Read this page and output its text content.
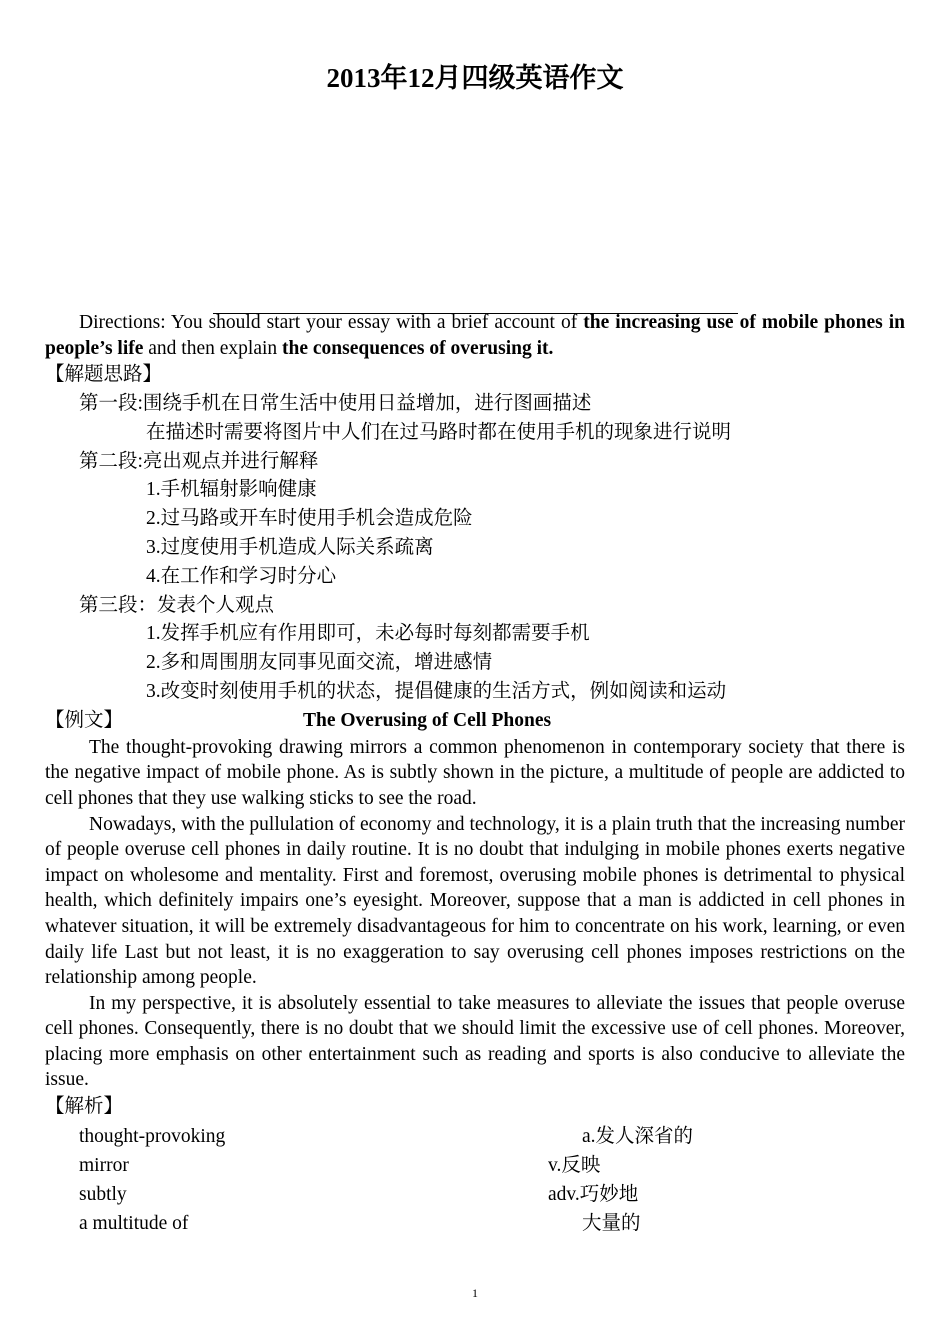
2013年12月四级英语作文

Directions: You should start your essay with a brief account of the increasing use of mobile phones in people’s life and then explain the consequences of overusing it.

【解题思路】

第一段:围绕手机在日常生活中使用日益增加，进行图画描述

在描述时需要将图片中人们在过马路时都在使用手机的现象进行说明

第二段:亮出观点并进行解释

1.手机辐射影响健康

2.过马路或开车时使用手机会造成危险

3.过度使用手机造成人际关系疏离

4.在工作和学习时分心

第三段：发表个人观点

1.发挥手机应有作用即可，未必每时每刻都需要手机

2.多和周围朋友同事见面交流，增进感情

3.改变时刻使用手机的状态，提倡健康的生活方式，例如阅读和运动

【例文】	The Overusing of Cell Phones

The thought-provoking drawing mirrors a common phenomenon in contemporary society that there is the negative impact of mobile phone. As is subtly shown in the picture, a multitude of people are addicted to cell phones that they use walking sticks to see the road.

Nowadays, with the pullulation of economy and technology, it is a plain truth that the increasing number of people overuse cell phones in daily routine. It is no doubt that indulging in mobile phones exerts negative impact on wholesome and mentality. First and foremost, overusing mobile phones is detrimental to physical health, which definitely impairs one’s eyesight. Moreover, suppose that a man is addicted in cell phones in whatever situation, it will be extremely disadvantageous for him to concentrate on his work, learning, or even daily life Last but not least, it is no exaggeration to say overusing cell phones imposes restrictions on the relationship among people.

In my perspective, it is absolutely essential to take measures to alleviate the issues that people overuse cell phones. Consequently, there is no doubt that we should limit the excessive use of cell phones. Moreover, placing more emphasis on other entertainment such as reading and sports is also conducive to alleviate the issue.

【解析】

thought-provoking	a.发人深省的
mirror	v.反映
subtly	adv.巧妙地
a multitude of	大量的
1
